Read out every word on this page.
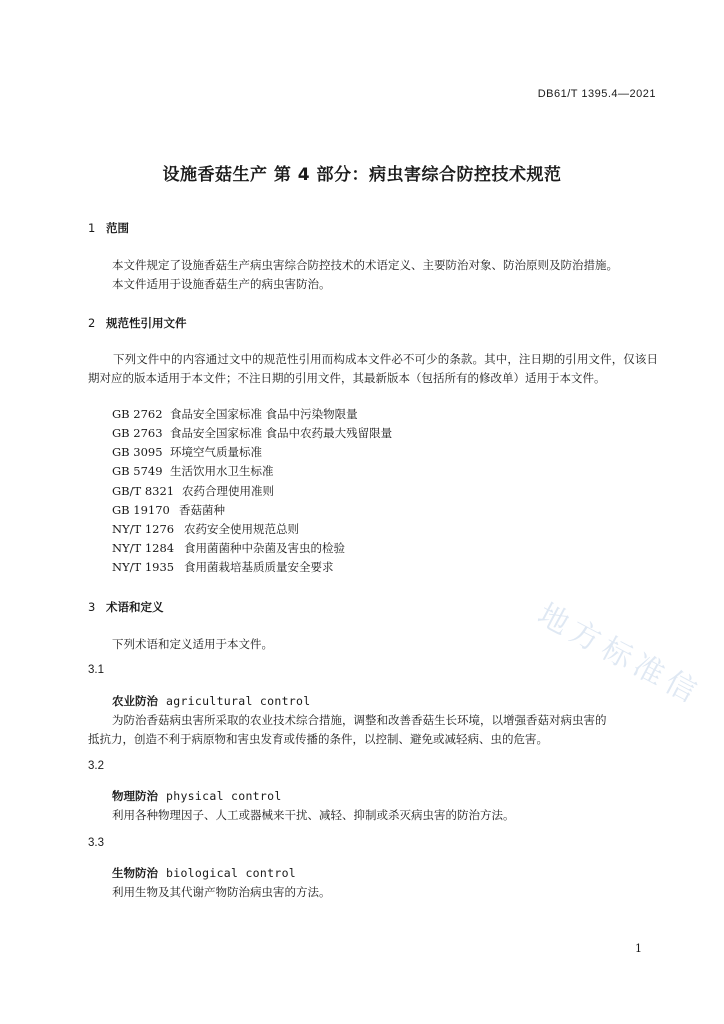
地方标准信
DB61/T 1395.4—2021
设施香菇生产 第 4 部分：病虫害综合防控技术规范
1 范围
本文件规定了设施香菇生产病虫害综合防控技术的术语定义、主要防治对象、防治原则及防治措施。
本文件适用于设施香菇生产的病虫害防治。
2 规范性引用文件
下列文件中的内容通过文中的规范性引用而构成本文件必不可少的条款。其中，注日期的引用文件，仅该日期对应的版本适用于本文件；不注日期的引用文件，其最新版本（包括所有的修改单）适用于本文件。
GB 2762 食品安全国家标准 食品中污染物限量
GB 2763 食品安全国家标准 食品中农药最大残留限量
GB 3095 环境空气质量标准
GB 5749 生活饮用水卫生标准
GB/T 8321 农药合理使用准则
GB 19170 香菇菌种
NY/T 1276 农药安全使用规范总则
NY/T 1284 食用菌菌种中杂菌及害虫的检验
NY/T 1935 食用菌栽培基质质量安全要求
3 术语和定义
下列术语和定义适用于本文件。
3.1
农业防治 agricultural control
为防治香菇病虫害所采取的农业技术综合措施，调整和改善香菇生长环境，以增强香菇对病虫害的
抵抗力，创造不利于病原物和害虫发育或传播的条件，以控制、避免或减轻病、虫的危害。
3.2
物理防治 physical control
利用各种物理因子、人工或器械来干扰、减轻、抑制或杀灭病虫害的防治方法。
3.3
生物防治 biological control
利用生物及其代谢产物防治病虫害的方法。
1
